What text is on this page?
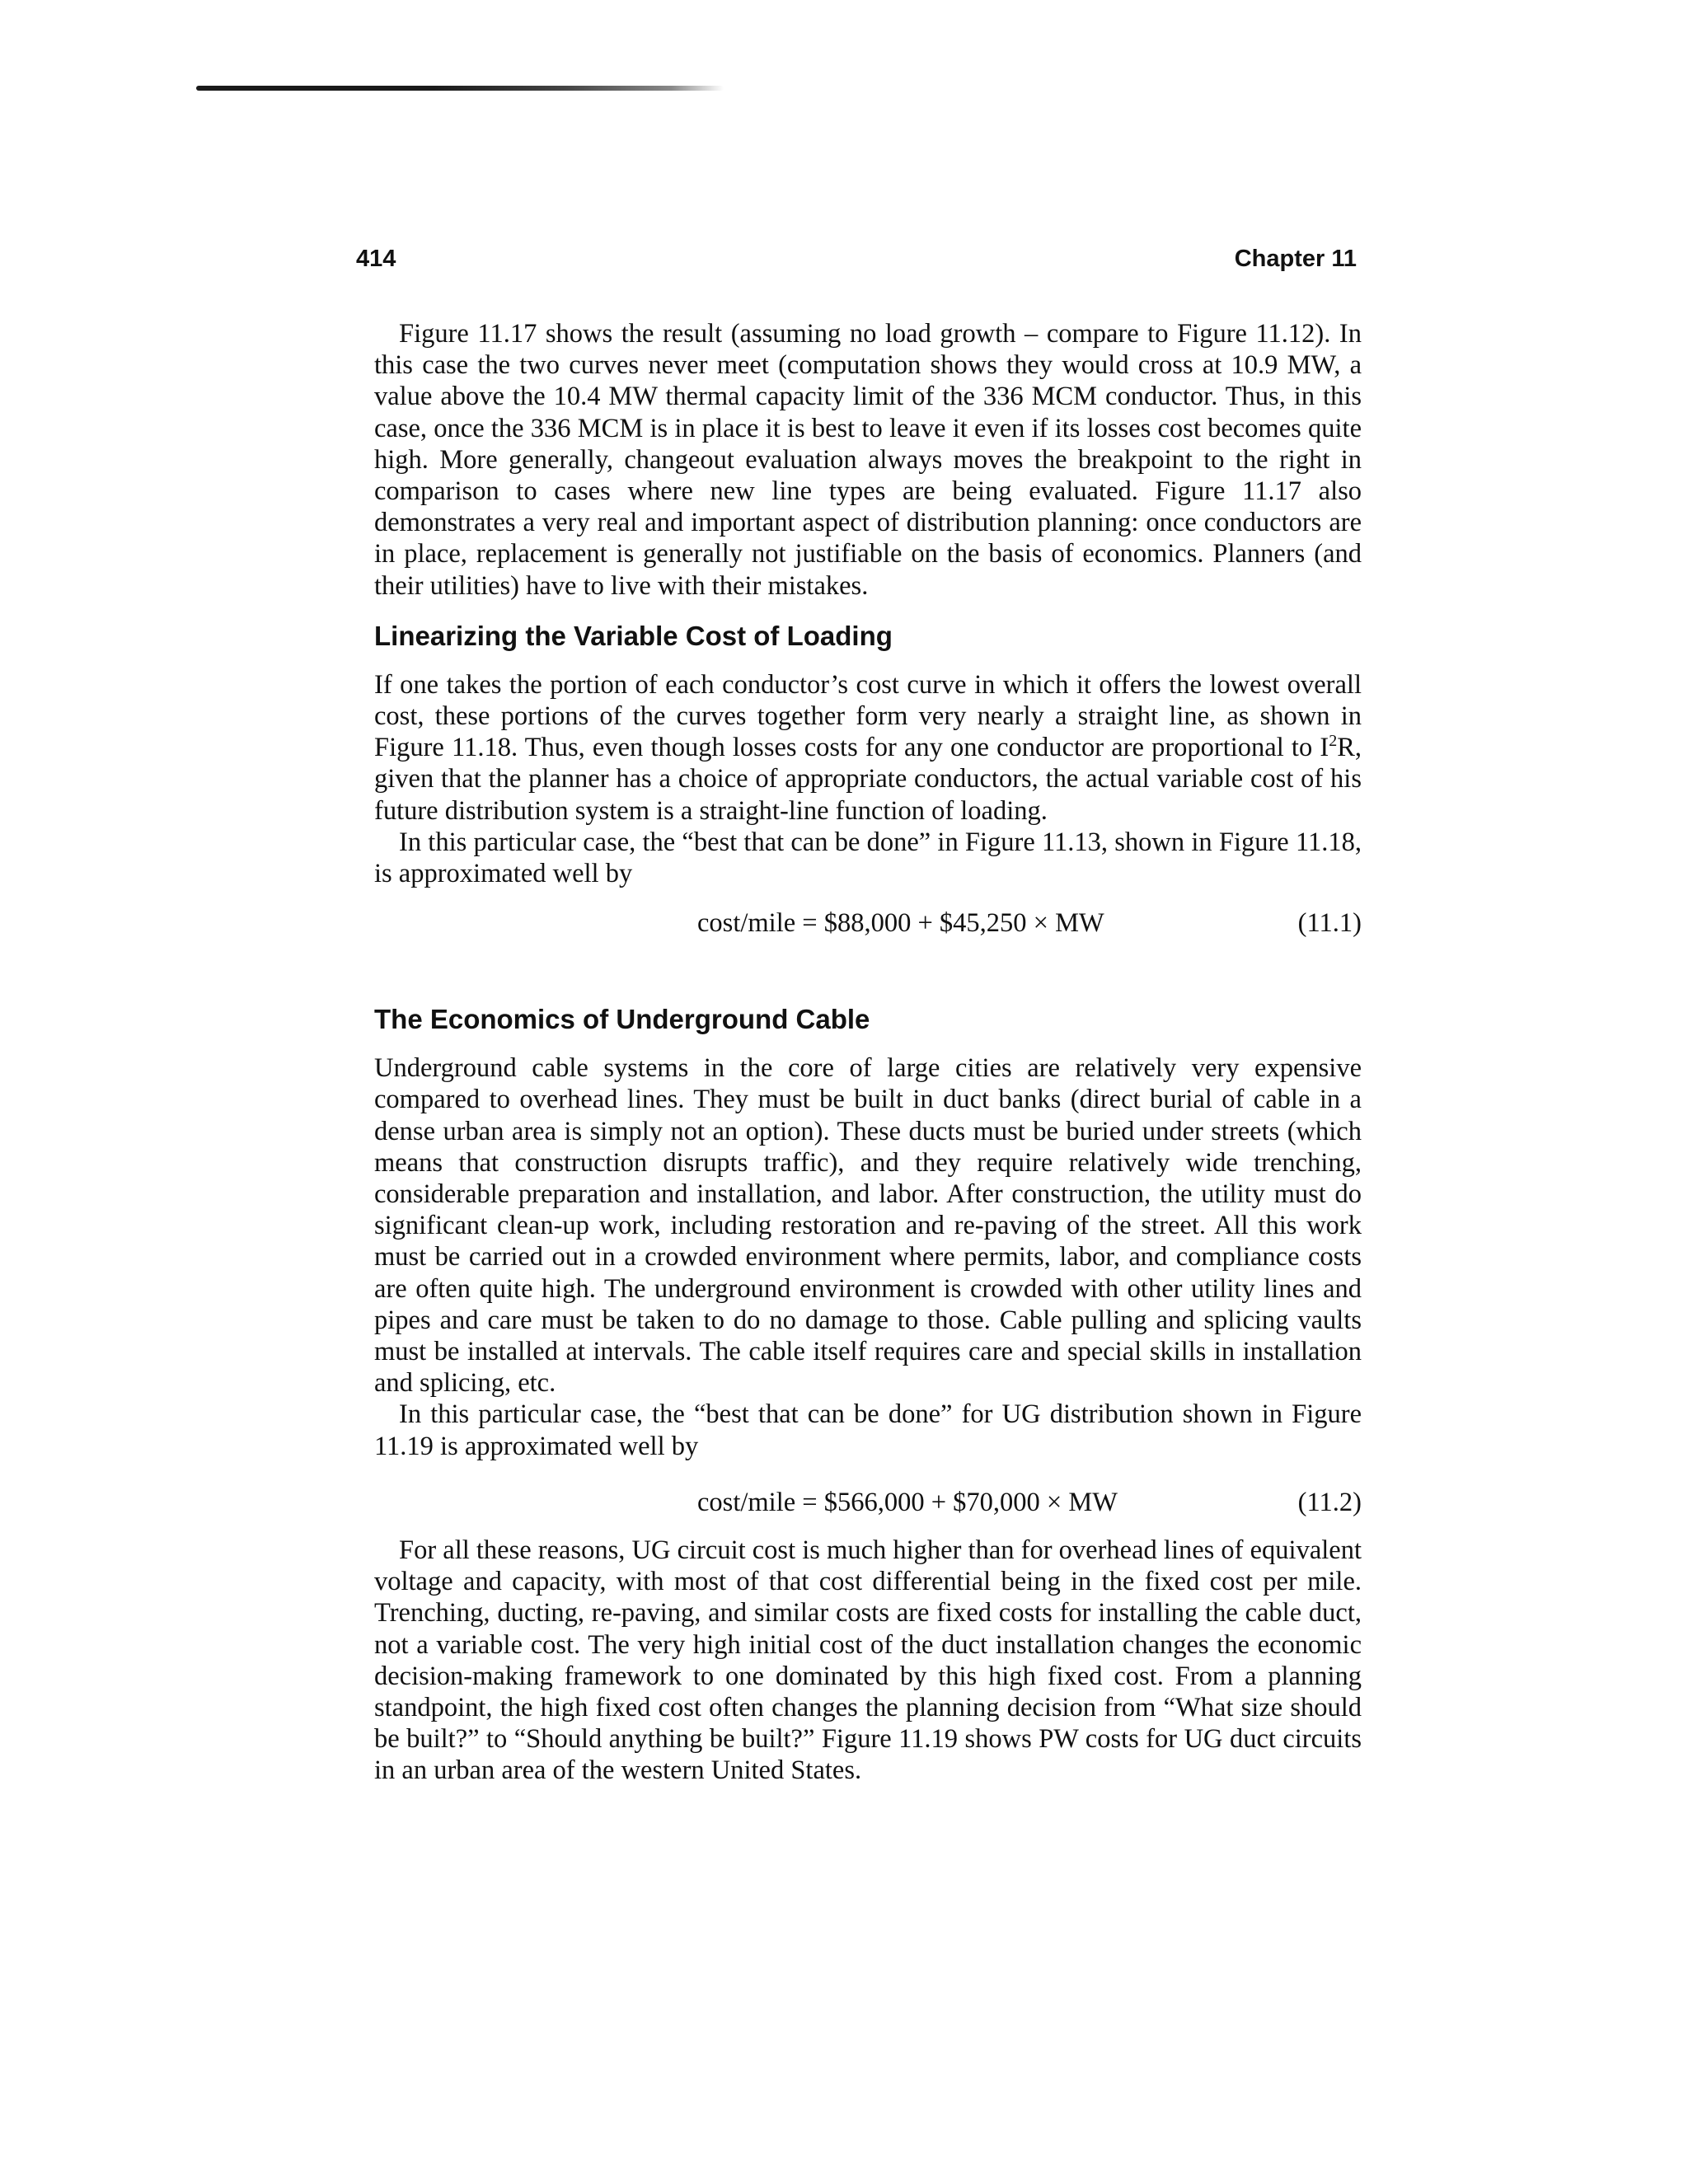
414	Chapter 11

Figure 11.17 shows the result (assuming no load growth – compare to Figure 11.12). In this case the two curves never meet (computation shows they would cross at 10.9 MW, a value above the 10.4 MW thermal capacity limit of the 336 MCM conductor. Thus, in this case, once the 336 MCM is in place it is best to leave it even if its losses cost becomes quite high. More generally, changeout evaluation always moves the breakpoint to the right in comparison to cases where new line types are being evaluated. Figure 11.17 also demonstrates a very real and important aspect of distribution planning: once conductors are in place, replacement is generally not justifiable on the basis of economics. Planners (and their utilities) have to live with their mistakes.

Linearizing the Variable Cost of Loading

If one takes the portion of each conductor’s cost curve in which it offers the lowest overall cost, these portions of the curves together form very nearly a straight line, as shown in Figure 11.18. Thus, even though losses costs for any one conductor are proportional to $I^2R$, given that the planner has a choice of appropriate conductors, the actual variable cost of his future distribution system is a straight-line function of loading.

In this particular case, the “best that can be done” in Figure 11.13, shown in Figure 11.18, is approximated well by

cost/mile = $88,000 + $45,250 × MW	(11.1)
The Economics of Underground Cable

Underground cable systems in the core of large cities are relatively very expensive compared to overhead lines. They must be built in duct banks (direct burial of cable in a dense urban area is simply not an option). These ducts must be buried under streets (which means that construction disrupts traffic), and they require relatively wide trenching, considerable preparation and installation, and labor. After construction, the utility must do significant clean-up work, including restoration and re-paving of the street. All this work must be carried out in a crowded environment where permits, labor, and compliance costs are often quite high. The underground environment is crowded with other utility lines and pipes and care must be taken to do no damage to those. Cable pulling and splicing vaults must be installed at intervals. The cable itself requires care and special skills in installation and splicing, etc.

In this particular case, the “best that can be done” for UG distribution shown in Figure 11.19 is approximated well by

cost/mile = $566,000 + $70,000 × MW	(11.2)

For all these reasons, UG circuit cost is much higher than for overhead lines of equivalent voltage and capacity, with most of that cost differential being in the fixed cost per mile. Trenching, ducting, re-paving, and similar costs are fixed costs for installing the cable duct, not a variable cost. The very high initial cost of the duct installation changes the economic decision-making framework to one dominated by this high fixed cost. From a planning standpoint, the high fixed cost often changes the planning decision from “What size should be built?” to “Should anything be built?” Figure 11.19 shows PW costs for UG duct circuits in an urban area of the western United States.
